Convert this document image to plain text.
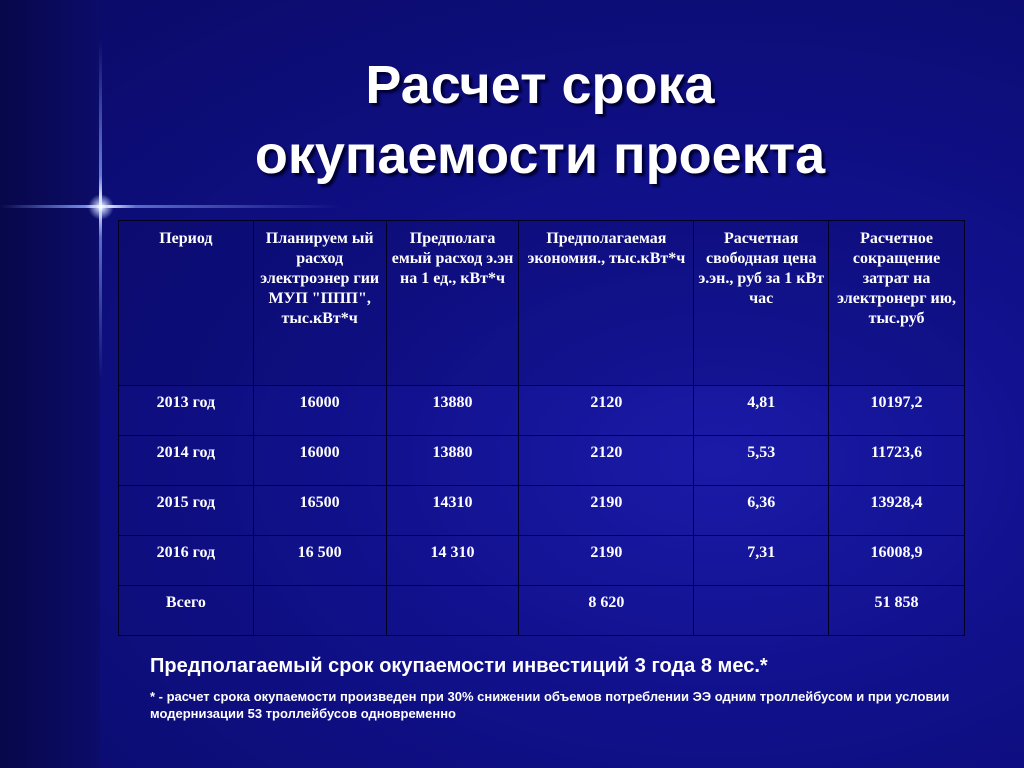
Расчет срока
окупаемости проекта
Период	Планируем ый расход электроэнер гии МУП "ППП", тыс.кВт*ч	Предполага емый расход э.эн на 1 ед., кВт*ч	Предполагаемая экономия., тыс.кВт*ч	Расчетная свободная цена э.эн., руб за 1 кВт час	Расчетное сокращение затрат на электронерг ию, тыс.руб
2013 год	16000	13880	2120	4,81	10197,2
2014 год	16000	13880	2120	5,53	11723,6
2015 год	16500	14310	2190	6,36	13928,4
2016 год	16 500	14 310	2190	7,31	16008,9
Всего			8 620		51 858
Предполагаемый срок окупаемости инвестиций 3 года 8 мес.*
* - расчет срока окупаемости произведен при 30% снижении объемов потреблении ЭЭ одним троллейбусом и при условии модернизации 53 троллейбусов одновременно
